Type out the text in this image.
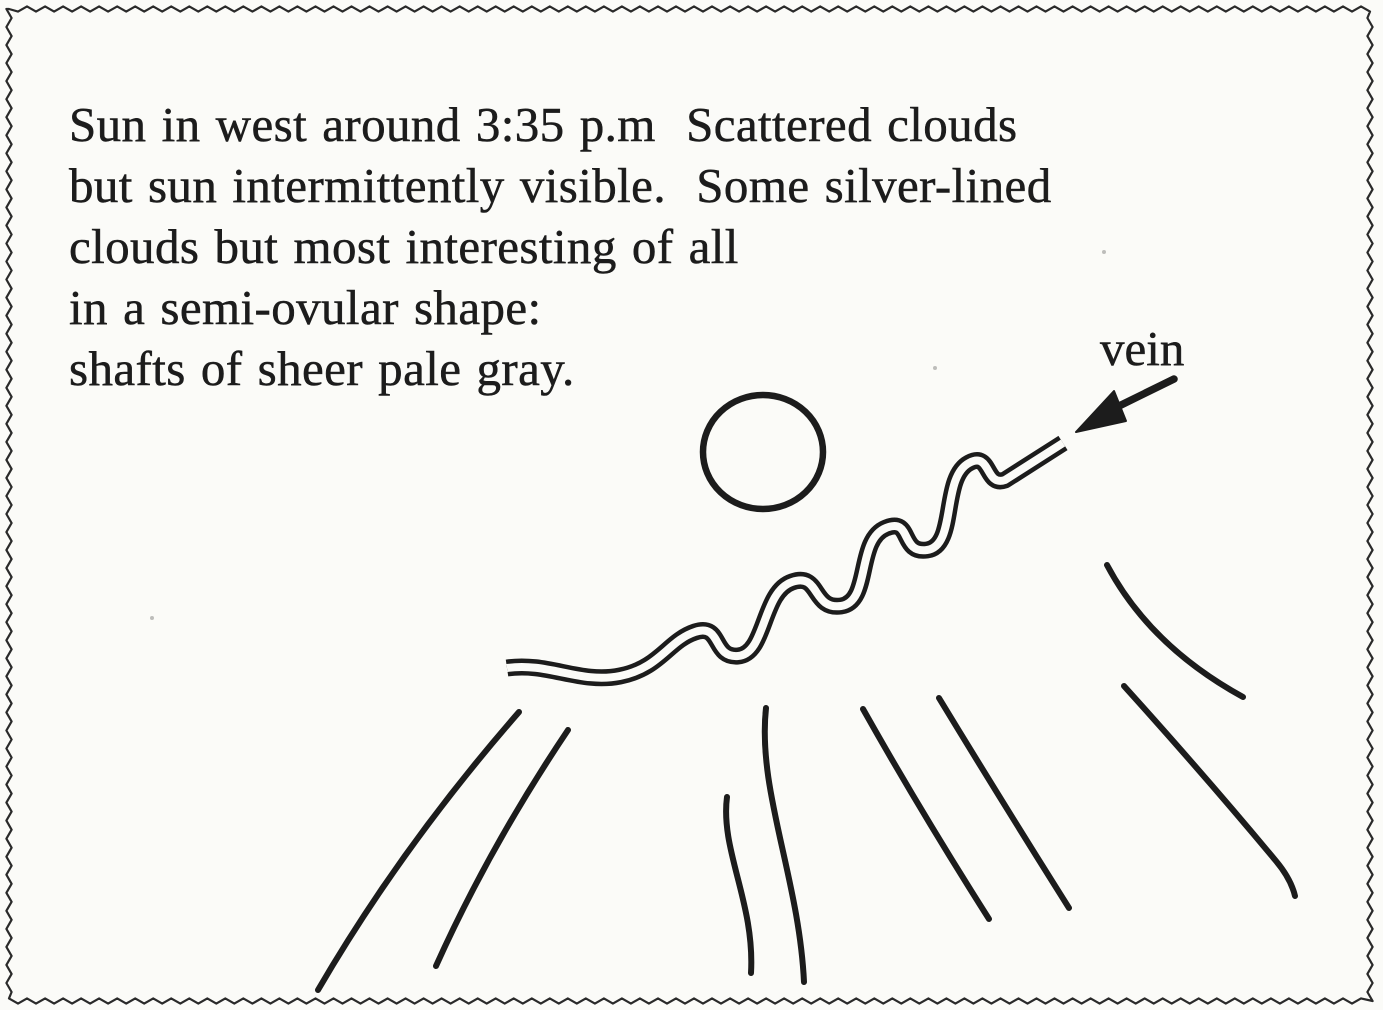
Sun in west around 3:35 p.m  Scattered clouds
but sun intermittently visible.  Some silver-lined
clouds but most interesting of all
in a semi-ovular shape:
shafts of sheer pale gray.	vein
